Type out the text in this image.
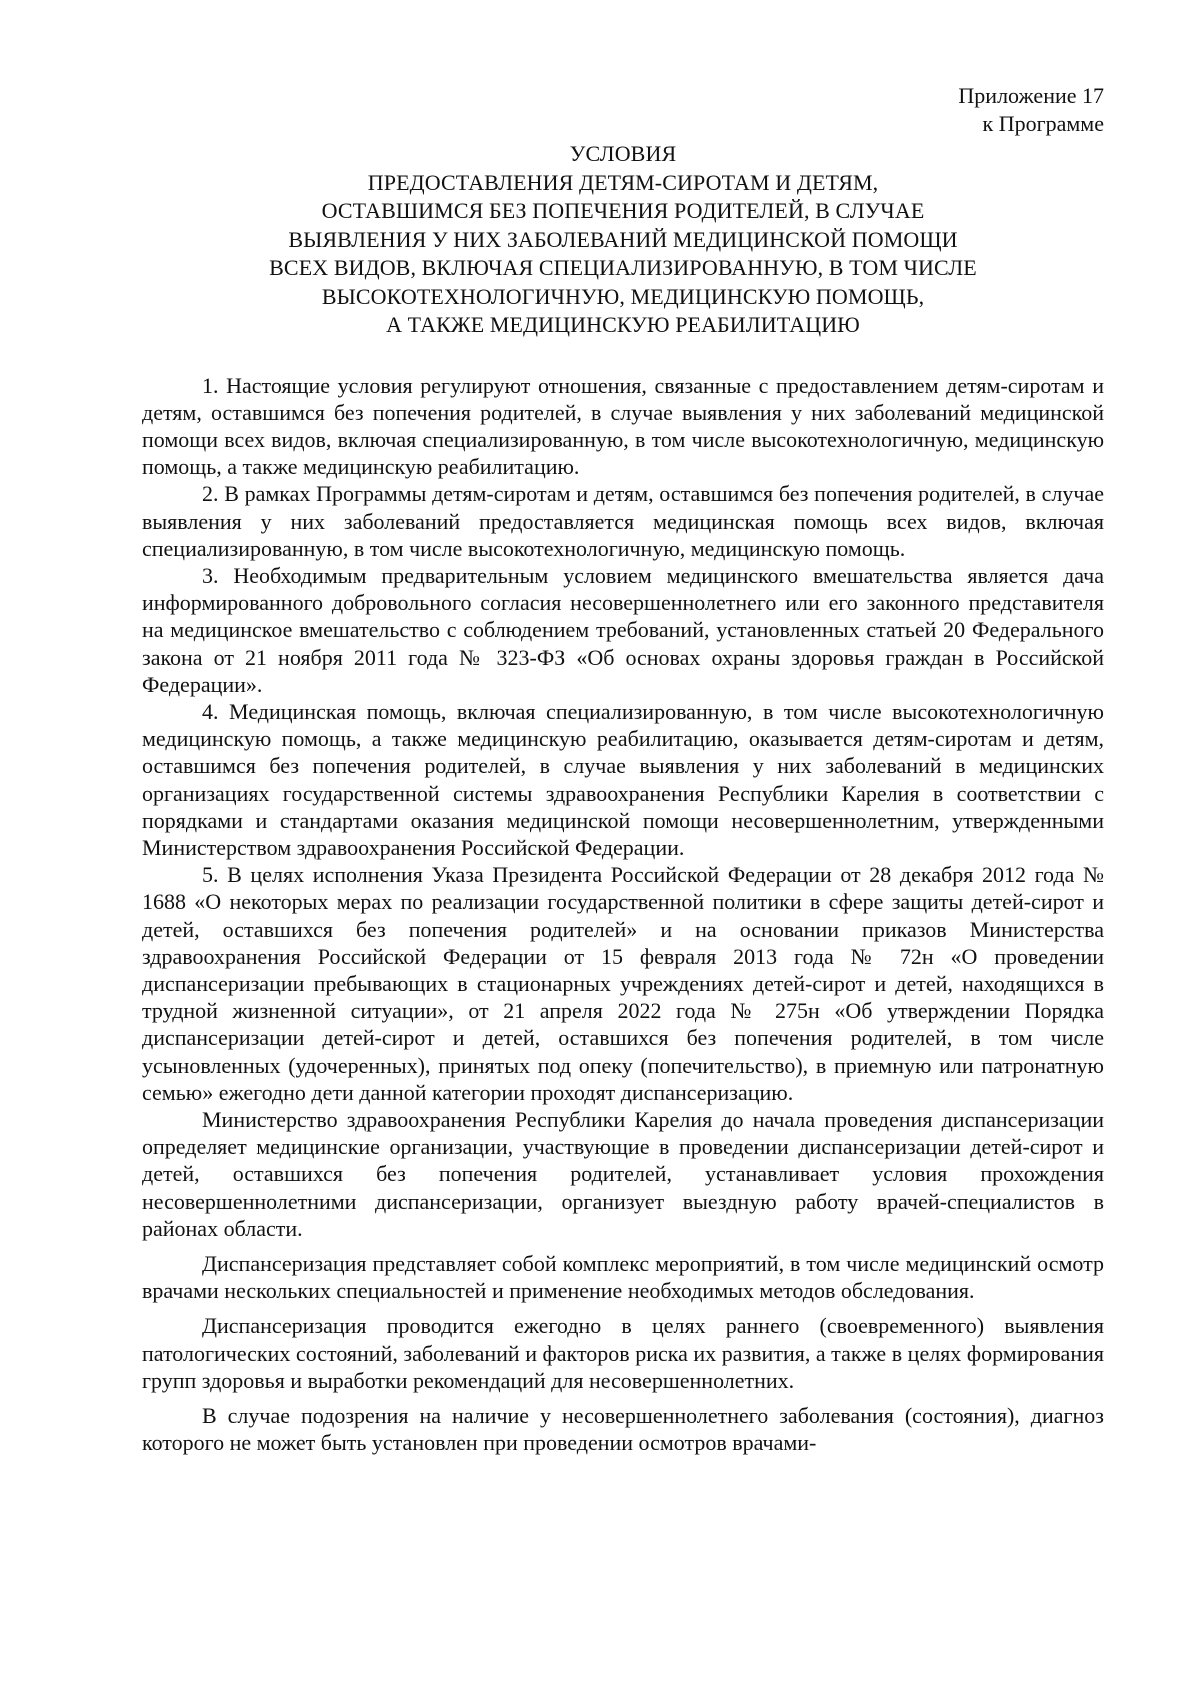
Приложение 17
к Программе
УСЛОВИЯ
ПРЕДОСТАВЛЕНИЯ ДЕТЯМ-СИРОТАМ И ДЕТЯМ,
ОСТАВШИМСЯ БЕЗ ПОПЕЧЕНИЯ РОДИТЕЛЕЙ, В СЛУЧАЕ
ВЫЯВЛЕНИЯ У НИХ ЗАБОЛЕВАНИЙ МЕДИЦИНСКОЙ ПОМОЩИ
ВСЕХ ВИДОВ, ВКЛЮЧАЯ СПЕЦИАЛИЗИРОВАННУЮ, В ТОМ ЧИСЛЕ
ВЫСОКОТЕХНОЛОГИЧНУЮ, МЕДИЦИНСКУЮ ПОМОЩЬ,
А ТАКЖЕ МЕДИЦИНСКУЮ РЕАБИЛИТАЦИЮ

1. Настоящие условия регулируют отношения, связанные с предоставлением детям-сиротам и детям, оставшимся без попечения родителей, в случае выявления у них заболеваний медицинской помощи всех видов, включая специализированную, в том числе высокотехнологичную, медицинскую помощь, а также медицинскую реабилитацию.

2. В рамках Программы детям-сиротам и детям, оставшимся без попечения родителей, в случае выявления у них заболеваний предоставляется медицинская помощь всех видов, включая специализированную, в том числе высокотехнологичную, медицинскую помощь.

3. Необходимым предварительным условием медицинского вмешательства является дача информированного добровольного согласия несовершеннолетнего или его законного представителя на медицинское вмешательство с соблюдением требований, установленных статьей 20 Федерального закона от 21 ноября 2011 года № 323-ФЗ «Об основах охраны здоровья граждан в Российской Федерации».

4. Медицинская помощь, включая специализированную, в том числе высокотехнологичную медицинскую помощь, а также медицинскую реабилитацию, оказывается детям-сиротам и детям, оставшимся без попечения родителей, в случае выявления у них заболеваний в медицинских организациях государственной системы здравоохранения Республики Карелия в соответствии с порядками и стандартами оказания медицинской помощи несовершеннолетним, утвержденными Министерством здравоохранения Российской Федерации.

5. В целях исполнения Указа Президента Российской Федерации от 28 декабря 2012 года № 1688 «О некоторых мерах по реализации государственной политики в сфере защиты детей-сирот и детей, оставшихся без попечения родителей» и на основании приказов Министерства здравоохранения Российской Федерации от 15 февраля 2013 года № 72н «О проведении диспансеризации пребывающих в стационарных учреждениях детей-сирот и детей, находящихся в трудной жизненной ситуации», от 21 апреля 2022 года № 275н «Об утверждении Порядка диспансеризации детей-сирот и детей, оставшихся без попечения родителей, в том числе усыновленных (удочеренных), принятых под опеку (попечительство), в приемную или патронатную семью» ежегодно дети данной категории проходят диспансеризацию.

Министерство здравоохранения Республики Карелия до начала проведения диспансеризации определяет медицинские организации, участвующие в проведении диспансеризации детей-сирот и детей, оставшихся без попечения родителей, устанавливает условия прохождения несовершеннолетними диспансеризации, организует выездную работу врачей-специалистов в районах области.

Диспансеризация представляет собой комплекс мероприятий, в том числе медицинский осмотр врачами нескольких специальностей и применение необходимых методов обследования.

Диспансеризация проводится ежегодно в целях раннего (своевременного) выявления патологических состояний, заболеваний и факторов риска их развития, а также в целях формирования групп здоровья и выработки рекомендаций для несовершеннолетних.

В случае подозрения на наличие у несовершеннолетнего заболевания (состояния), диагноз которого не может быть установлен при проведении осмотров врачами-
